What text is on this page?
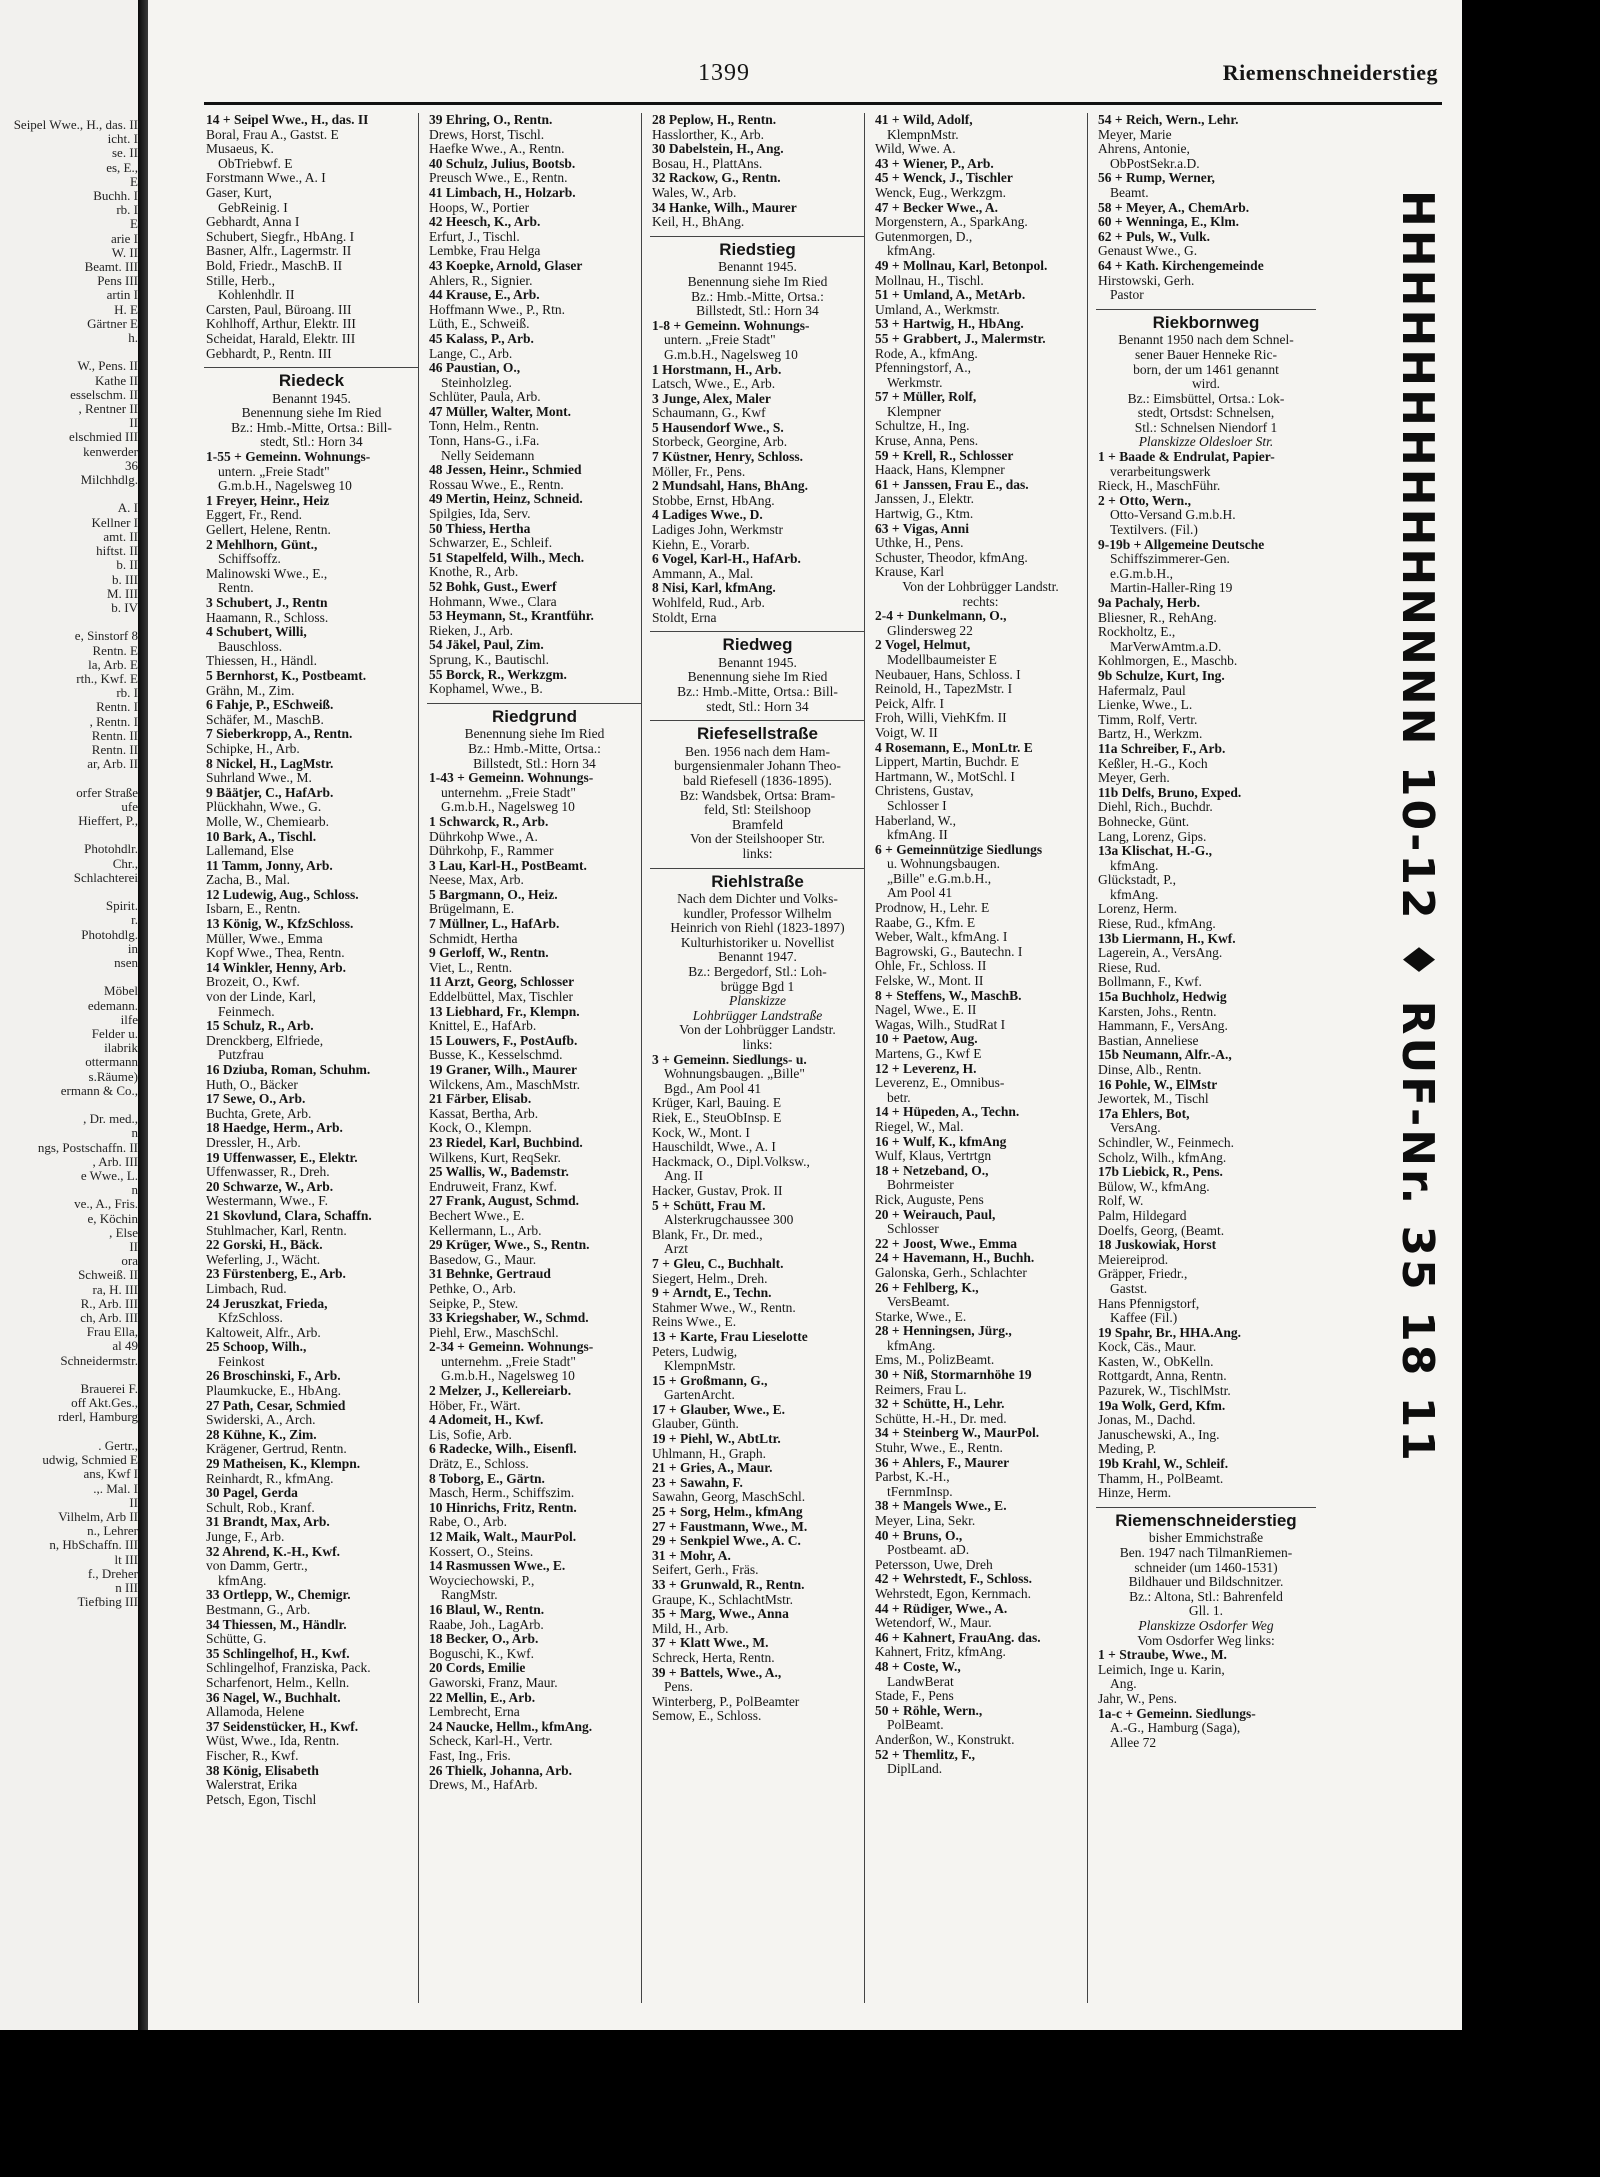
Seipel Wwe., H., das. II
icht. I
se. II
es, E.,
E
Buchh. I
rb. I
E
arie I
W. II
Beamt. III
Pens III
artin I
H. E
Gärtner E
h.

W., Pens. II
Kathe II
esselschm. II
, Rentner II
II
elschmied III
kenwerder
36
Milchhdlg.

A. I
Kellner I
amt. II
hiftst. II
b. II
b. III
M. III
b. IV

e, Sinstorf 8
Rentn. E
la, Arb. E
rth., Kwf. E
rb. I
Rentn. I
, Rentn. I
Rentn. II
Rentn. II
ar, Arb. II

orfer Straße
ufe
Hieffert, P.,

Photohdlr.
Chr.,
Schlachterei

Spirit.
r.
Photohdlg.
in
nsen

Möbel
edemann.
ilfe
Felder u.
ilabrik
ottermann
s.Räume)
ermann & Co.,

, Dr. med.,
n
ngs, Postschaffn. II
, Arb. III
e Wwe., L.
n
ve., A., Fris.
e, Köchin
, Else
II
ora
Schweiß. II
ra, H. III
R., Arb. III
ch, Arb. III
Frau Ella,
al 49
Schneidermstr.

Brauerei F.
off Akt.Ges.,
rderl, Hamburg

. Gertr.,
udwig, Schmied E
ans, Kwf I
.,. Mal. I
II
Vilhelm, Arb II
n., Lehrer
n, HbSchaffn. III
lt III
f., Dreher
n III
Tiefbing III
1399	Riemenschneiderstieg
14 + Seipel Wwe., H., das. II
Boral, Frau A., Gastst. E
Musaeus, K.
ObTriebwf. E
Forstmann Wwe., A. I
Gaser, Kurt,
GebReinig. I
Gebhardt, Anna I
Schubert, Siegfr., HbAng. I
Basner, Alfr., Lagermstr. II
Bold, Friedr., MaschB. II
Stille, Herb.,
Kohlenhdlr. II
Carsten, Paul, Büroang. III
Kohlhoff, Arthur, Elektr. III
Scheidat, Harald, Elektr. III
Gebhardt, P., Rentn. III
Riedeck
Benannt 1945.
Benennung siehe Im Ried
Bz.: Hmb.-Mitte, Ortsa.: Bill-
stedt, Stl.: Horn 34
1-55 + Gemeinn. Wohnungs-
untern. „Freie Stadt"
G.m.b.H., Nagelsweg 10
1 Freyer, Heinr., Heiz
Eggert, Fr., Rend.
Gellert, Helene, Rentn.
2 Mehlhorn, Günt.,
Schiffsoffz.
Malinowski Wwe., E.,
Rentn.
3 Schubert, J., Rentn
Haamann, R., Schloss.
4 Schubert, Willi,
Bauschloss.
Thiessen, H., Händl.
5 Bernhorst, K., Postbeamt.
Grähn, M., Zim.
6 Fahje, P., ESchweiß.
Schäfer, M., MaschB.
7 Sieberkropp, A., Rentn.
Schipke, H., Arb.
8 Nickel, H., LagMstr.
Suhrland Wwe., M.
9 Bäätjer, C., HafArb.
Plückhahn, Wwe., G.
Molle, W., Chemiearb.
10 Bark, A., Tischl.
Lallemand, Else
11 Tamm, Jonny, Arb.
Zacha, B., Mal.
12 Ludewig, Aug., Schloss.
Isbarn, E., Rentn.
13 König, W., KfzSchloss.
Müller, Wwe., Emma
Kopf Wwe., Thea, Rentn.
14 Winkler, Henny, Arb.
Brozeit, O., Kwf.
von der Linde, Karl,
Feinmech.
15 Schulz, R., Arb.
Drenckberg, Elfriede,
Putzfrau
16 Dziuba, Roman, Schuhm.
Huth, O., Bäcker
17 Sewe, O., Arb.
Buchta, Grete, Arb.
18 Haedge, Herm., Arb.
Dressler, H., Arb.
19 Uffenwasser, E., Elektr.
Uffenwasser, R., Dreh.
20 Schwarze, W., Arb.
Westermann, Wwe., F.
21 Skovlund, Clara, Schaffn.
Stuhlmacher, Karl, Rentn.
22 Gorski, H., Bäck.
Weferling, J., Wächt.
23 Fürstenberg, E., Arb.
Limbach, Rud.
24 Jeruszkat, Frieda,
KfzSchloss.
Kaltoweit, Alfr., Arb.
25 Schoop, Wilh.,
Feinkost
26 Broschinski, F., Arb.
Plaumkucke, E., HbAng.
27 Path, Cesar, Schmied
Swiderski, A., Arch.
28 Kühne, K., Zim.
Krägener, Gertrud, Rentn.
29 Matheisen, K., Klempn.
Reinhardt, R., kfmAng.
30 Pagel, Gerda
Schult, Rob., Kranf.
31 Brandt, Max, Arb.
Junge, F., Arb.
32 Ahrend, K.-H., Kwf.
von Damm, Gertr.,
kfmAng.
33 Ortlepp, W., Chemigr.
Bestmann, G., Arb.
34 Thiessen, M., Händlr.
Schütte, G.
35 Schlingelhof, H., Kwf.
Schlingelhof, Franziska, Pack.
Scharfenort, Helm., Kelln.
36 Nagel, W., Buchhalt.
Allamoda, Helene
37 Seidenstücker, H., Kwf.
Wüst, Wwe., Ida, Rentn.
Fischer, R., Kwf.
38 König, Elisabeth
Walerstrat, Erika
Petsch, Egon, Tischl
39 Ehring, O., Rentn.
Drews, Horst, Tischl.
Haefke Wwe., A., Rentn.
40 Schulz, Julius, Bootsb.
Preusch Wwe., E., Rentn.
41 Limbach, H., Holzarb.
Hoops, W., Portier
42 Heesch, K., Arb.
Erfurt, J., Tischl.
Lembke, Frau Helga
43 Koepke, Arnold, Glaser
Ahlers, R., Signier.
44 Krause, E., Arb.
Hoffmann Wwe., P., Rtn.
Lüth, E., Schweiß.
45 Kalass, P., Arb.
Lange, C., Arb.
46 Paustian, O.,
Steinholzleg.
Schlüter, Paula, Arb.
47 Müller, Walter, Mont.
Tonn, Helm., Rentn.
Tonn, Hans-G., i.Fa.
Nelly Seidemann
48 Jessen, Heinr., Schmied
Rossau Wwe., E., Rentn.
49 Mertin, Heinz, Schneid.
Spilgies, Ida, Serv.
50 Thiess, Hertha
Schwarzer, E., Schleif.
51 Stapelfeld, Wilh., Mech.
Knothe, R., Arb.
52 Bohk, Gust., Ewerf
Hohmann, Wwe., Clara
53 Heymann, St., Krantführ.
Rieken, J., Arb.
54 Jäkel, Paul, Zim.
Sprung, K., Bautischl.
55 Borck, R., Werkzgm.
Kophamel, Wwe., B.
Riedgrund
Benennung siehe Im Ried
Bz.: Hmb.-Mitte, Ortsa.:
Billstedt, Stl.: Horn 34
1-43 + Gemeinn. Wohnungs-
unternehm. „Freie Stadt"
G.m.b.H., Nagelsweg 10
1 Schwarck, R., Arb.
Dührkohp Wwe., A.
Dührkohp, F., Rammer
3 Lau, Karl-H., PostBeamt.
Neese, Max, Arb.
5 Bargmann, O., Heiz.
Brügelmann, E.
7 Müllner, L., HafArb.
Schmidt, Hertha
9 Gerloff, W., Rentn.
Viet, L., Rentn.
11 Arzt, Georg, Schlosser
Eddelbüttel, Max, Tischler
13 Liebhard, Fr., Klempn.
Knittel, E., HafArb.
15 Louwers, F., PostAufb.
Busse, K., Kesselschmd.
19 Graner, Wilh., Maurer
Wilckens, Am., MaschMstr.
21 Färber, Elisab.
Kassat, Bertha, Arb.
Kock, O., Klempn.
23 Riedel, Karl, Buchbind.
Wilkens, Kurt, ReqSekr.
25 Wallis, W., Bademstr.
Endruweit, Franz, Kwf.
27 Frank, August, Schmd.
Bechert Wwe., E.
Kellermann, L., Arb.
29 Krüger, Wwe., S., Rentn.
Basedow, G., Maur.
31 Behnke, Gertraud
Pethke, O., Arb.
Seipke, P., Stew.
33 Kriegshaber, W., Schmd.
Piehl, Erw., MaschSchl.
2-34 + Gemeinn. Wohnungs-
unternehm. „Freie Stadt"
G.m.b.H., Nagelsweg 10
2 Melzer, J., Kellereiarb.
Höber, Fr., Wärt.
4 Adomeit, H., Kwf.
Lis, Sofie, Arb.
6 Radecke, Wilh., Eisenfl.
Drätz, E., Schloss.
8 Toborg, E., Gärtn.
Masch, Herm., Schiffszim.
10 Hinrichs, Fritz, Rentn.
Rabe, O., Arb.
12 Maik, Walt., MaurPol.
Kossert, O., Steins.
14 Rasmussen Wwe., E.
Woyciechowski, P.,
RangMstr.
16 Blaul, W., Rentn.
Raabe, Joh., LagArb.
18 Becker, O., Arb.
Boguschi, K., Kwf.
20 Cords, Emilie
Gaworski, Franz, Maur.
22 Mellin, E., Arb.
Lembrecht, Erna
24 Naucke, Hellm., kfmAng.
Scheck, Karl-H., Vertr.
Fast, Ing., Fris.
26 Thielk, Johanna, Arb.
Drews, M., HafArb.
28 Peplow, H., Rentn.
Hasslorther, K., Arb.
30 Dabelstein, H., Ang.
Bosau, H., PlattAns.
32 Rackow, G., Rentn.
Wales, W., Arb.
34 Hanke, Wilh., Maurer
Keil, H., BhAng.
Riedstieg
Benannt 1945.
Benennung siehe Im Ried
Bz.: Hmb.-Mitte, Ortsa.:
Billstedt, Stl.: Horn 34
1-8 + Gemeinn. Wohnungs-
untern. „Freie Stadt"
G.m.b.H., Nagelsweg 10
1 Horstmann, H., Arb.
Latsch, Wwe., E., Arb.
3 Junge, Alex, Maler
Schaumann, G., Kwf
5 Hausendorf Wwe., S.
Storbeck, Georgine, Arb.
7 Küstner, Henry, Schloss.
Möller, Fr., Pens.
2 Mundsahl, Hans, BhAng.
Stobbe, Ernst, HbAng.
4 Ladiges Wwe., D.
Ladiges John, Werkmstr
Kiehn, E., Vorarb.
6 Vogel, Karl-H., HafArb.
Ammann, A., Mal.
8 Nisi, Karl, kfmAng.
Wohlfeld, Rud., Arb.
Stoldt, Erna
Riedweg
Benannt 1945.
Benennung siehe Im Ried
Bz.: Hmb.-Mitte, Ortsa.: Bill-
stedt, Stl.: Horn 34
Riefesellstraße
Ben. 1956 nach dem Ham-
burgensienmaler Johann Theo-
bald Riefesell (1836-1895).
Bz: Wandsbek, Ortsa: Bram-
feld, Stl: Steilshoop
Bramfeld
Von der Steilshooper Str.
links:
Riehlstraße
Nach dem Dichter und Volks-
kundler, Professor Wilhelm
Heinrich von Riehl (1823-1897)
Kulturhistoriker u. Novellist
Benannt 1947.
Bz.: Bergedorf, Stl.: Loh-
brügge Bgd 1
Planskizze
Lohbrügger Landstraße
Von der Lohbrügger Landstr.
links:
3 + Gemeinn. Siedlungs- u.
Wohnungsbaugen. „Bille"
Bgd., Am Pool 41
Krüger, Karl, Bauing. E
Riek, E., SteuObInsp. E
Kock, W., Mont. I
Hauschildt, Wwe., A. I
Hackmack, O., Dipl.Volksw.,
Ang. II
Hacker, Gustav, Prok. II
5 + Schütt, Frau M.
Alsterkrugchaussee 300
Blank, Fr., Dr. med.,
Arzt
7 + Gleu, C., Buchhalt.
Siegert, Helm., Dreh.
9 + Arndt, E., Techn.
Stahmer Wwe., W., Rentn.
Reins Wwe., E.
13 + Karte, Frau Lieselotte
Peters, Ludwig,
KlempnMstr.
15 + Großmann, G.,
GartenArcht.
17 + Glauber, Wwe., E.
Glauber, Günth.
19 + Piehl, W., AbtLtr.
Uhlmann, H., Graph.
21 + Gries, A., Maur.
23 + Sawahn, F.
Sawahn, Georg, MaschSchl.
25 + Sorg, Helm., kfmAng
27 + Faustmann, Wwe., M.
29 + Senkpiel Wwe., A. C.
31 + Mohr, A.
Seifert, Gerh., Fräs.
33 + Grunwald, R., Rentn.
Graupe, K., SchlachtMstr.
35 + Marg, Wwe., Anna
Mild, H., Arb.
37 + Klatt Wwe., M.
Schreck, Herta, Rentn.
39 + Battels, Wwe., A.,
Pens.
Winterberg, P., PolBeamter
Semow, E., Schloss.
41 + Wild, Adolf,
KlempnMstr.
Wild, Wwe. A.
43 + Wiener, P., Arb.
45 + Wenck, J., Tischler
Wenck, Eug., Werkzgm.
47 + Becker Wwe., A.
Morgenstern, A., SparkAng.
Gutenmorgen, D.,
kfmAng.
49 + Mollnau, Karl, Betonpol.
Mollnau, H., Tischl.
51 + Umland, A., MetArb.
Umland, A., Werkmstr.
53 + Hartwig, H., HbAng.
55 + Grabbert, J., Malermstr.
Rode, A., kfmAng.
Pfenningstorf, A.,
Werkmstr.
57 + Müller, Rolf,
Klempner
Schultze, H., Ing.
Kruse, Anna, Pens.
59 + Krell, R., Schlosser
Haack, Hans, Klempner
61 + Janssen, Frau E., das.
Janssen, J., Elektr.
Hartwig, G., Ktm.
63 + Vigas, Anni
Uthke, H., Pens.
Schuster, Theodor, kfmAng.
Krause, Karl
Von der Lohbrügger Landstr.
rechts:
2-4 + Dunkelmann, O.,
Glindersweg 22
2 Vogel, Helmut,
Modellbaumeister E
Neubauer, Hans, Schloss. I
Reinold, H., TapezMstr. I
Peick, Alfr. I
Froh, Willi, ViehKfm. II
Voigt, W. II
4 Rosemann, E., MonLtr. E
Lippert, Martin, Buchdr. E
Hartmann, W., MotSchl. I
Christens, Gustav,
Schlosser I
Haberland, W.,
kfmAng. II
6 + Gemeinnützige Siedlungs
u. Wohnungsbaugen.
„Bille" e.G.m.b.H.,
Am Pool 41
Prodnow, H., Lehr. E
Raabe, G., Kfm. E
Weber, Walt., kfmAng. I
Bagrowski, G., Bautechn. I
Ohle, Fr., Schloss. II
Felske, W., Mont. II
8 + Steffens, W., MaschB.
Nagel, Wwe., E. II
Wagas, Wilh., StudRat I
10 + Paetow, Aug.
Martens, G., Kwf E
12 + Leverenz, H.
Leverenz, E., Omnibus-
betr.
14 + Hüpeden, A., Techn.
Riegel, W., Mal.
16 + Wulf, K., kfmAng
Wulf, Klaus, Vertrtgn
18 + Netzeband, O.,
Bohrmeister
Rick, Auguste, Pens
20 + Weirauch, Paul,
Schlosser
22 + Joost, Wwe., Emma
24 + Havemann, H., Buchh.
Galonska, Gerh., Schlachter
26 + Fehlberg, K.,
VersBeamt.
Starke, Wwe., E.
28 + Henningsen, Jürg.,
kfmAng.
Ems, M., PolizBeamt.
30 + Niß, Stormarnhöhe 19
Reimers, Frau L.
32 + Schütte, H., Lehr.
Schütte, H.-H., Dr. med.
34 + Steinberg W., MaurPol.
Stuhr, Wwe., E., Rentn.
36 + Ahlers, F., Maurer
Parbst, K.-H.,
tFernmInsp.
38 + Mangels Wwe., E.
Meyer, Lina, Sekr.
40 + Bruns, O.,
Postbeamt. aD.
Petersson, Uwe, Dreh
42 + Wehrstedt, F., Schloss.
Wehrstedt, Egon, Kernmach.
44 + Rüdiger, Wwe., A.
Wetendorf, W., Maur.
46 + Kahnert, FrauAng. das.
Kahnert, Fritz, kfmAng.
48 + Coste, W.,
LandwBerat
Stade, F., Pens
50 + Röhle, Wern.,
PolBeamt.
Anderßon, W., Konstrukt.
52 + Themlitz, F.,
DiplLand.
54 + Reich, Wern., Lehr.
Meyer, Marie
Ahrens, Antonie,
ObPostSekr.a.D.
56 + Rump, Werner,
Beamt.
58 + Meyer, A., ChemArb.
60 + Wenninga, E., Klm.
62 + Puls, W., Vulk.
Genaust Wwe., G.
64 + Kath. Kirchengemeinde
Hirstowski, Gerh.
Pastor
Riekbornweg
Benannt 1950 nach dem Schnel-
sener Bauer Henneke Ric-
born, der um 1461 genannt
wird.
Bz.: Eimsbüttel, Ortsa.: Lok-
stedt, Ortsdst: Schnelsen,
Stl.: Schnelsen Niendorf 1
Planskizze Oldesloer Str.
1 + Baade & Endrulat, Papier-
verarbeitungswerk
Rieck, H., MaschFühr.
2 + Otto, Wern.,
Otto-Versand G.m.b.H.
Textilvers. (Fil.)
9-19b + Allgemeine Deutsche
Schiffszimmerer-Gen.
e.G.m.b.H.,
Martin-Haller-Ring 19
9a Pachaly, Herb.
Bliesner, R., RehAng.
Rockholtz, E.,
MarVerwAmtm.a.D.
Kohlmorgen, E., Maschb.
9b Schulze, Kurt, Ing.
Hafermalz, Paul
Lienke, Wwe., L.
Timm, Rolf, Vertr.
Bartz, H., Werkzm.
11a Schreiber, F., Arb.
Keßler, H.-G., Koch
Meyer, Gerh.
11b Delfs, Bruno, Exped.
Diehl, Rich., Buchdr.
Bohnecke, Günt.
Lang, Lorenz, Gips.
13a Klischat, H.-G.,
kfmAng.
Glückstadt, P.,
kfmAng.
Lorenz, Herm.
Riese, Rud., kfmAng.
13b Liermann, H., Kwf.
Lagerein, A., VersAng.
Riese, Rud.
Bollmann, F., Kwf.
15a Buchholz, Hedwig
Karsten, Johs., Rentn.
Hammann, F., VersAng.
Bastian, Anneliese
15b Neumann, Alfr.-A.,
Dinse, Alb., Rentn.
16 Pohle, W., ElMstr
Jewortek, M., Tischl
17a Ehlers, Bot,
VersAng.
Schindler, W., Feinmech.
Scholz, Wilh., kfmAng.
17b Liebick, R., Pens.
Bülow, W., kfmAng.
Rolf, W.
Palm, Hildegard
Doelfs, Georg, (Beamt.
18 Juskowiak, Horst
Meiereiprod.
Gräpper, Friedr.,
Gastst.
Hans Pfennigstorf,
Kaffee (Fil.)
19 Spahr, Br., HHA.Ang.
Kock, Cäs., Maur.
Kasten, W., ObKelln.
Rottgardt, Anna, Rentn.
Pazurek, W., TischlMstr.
19a Wolk, Gerd, Kfm.
Jonas, M., Dachd.
Januschewski, A., Ing.
Meding, P.
19b Krahl, W., Schleif.
Thamm, H., PolBeamt.
Hinze, Herm.
Riemenschneiderstieg
bisher Emmichstraße
Ben. 1947 nach TilmanRiemen-
schneider (um 1460-1531)
Bildhauer und Bildschnitzer.
Bz.: Altona, Stl.: Bahrenfeld
Gll. 1.
Planskizze Osdorfer Weg
Vom Osdorfer Weg links:
1 + Straube, Wwe., M.
Leimich, Inge u. Karin,
Ang.
Jahr, W., Pens.
1a-c + Gemeinn. Siedlungs-
A.-G., Hamburg (Saga),
Allee 72
HHHHHHHHHHNNNN 10-12 ♦ RUF-Nr. 35 18 11
